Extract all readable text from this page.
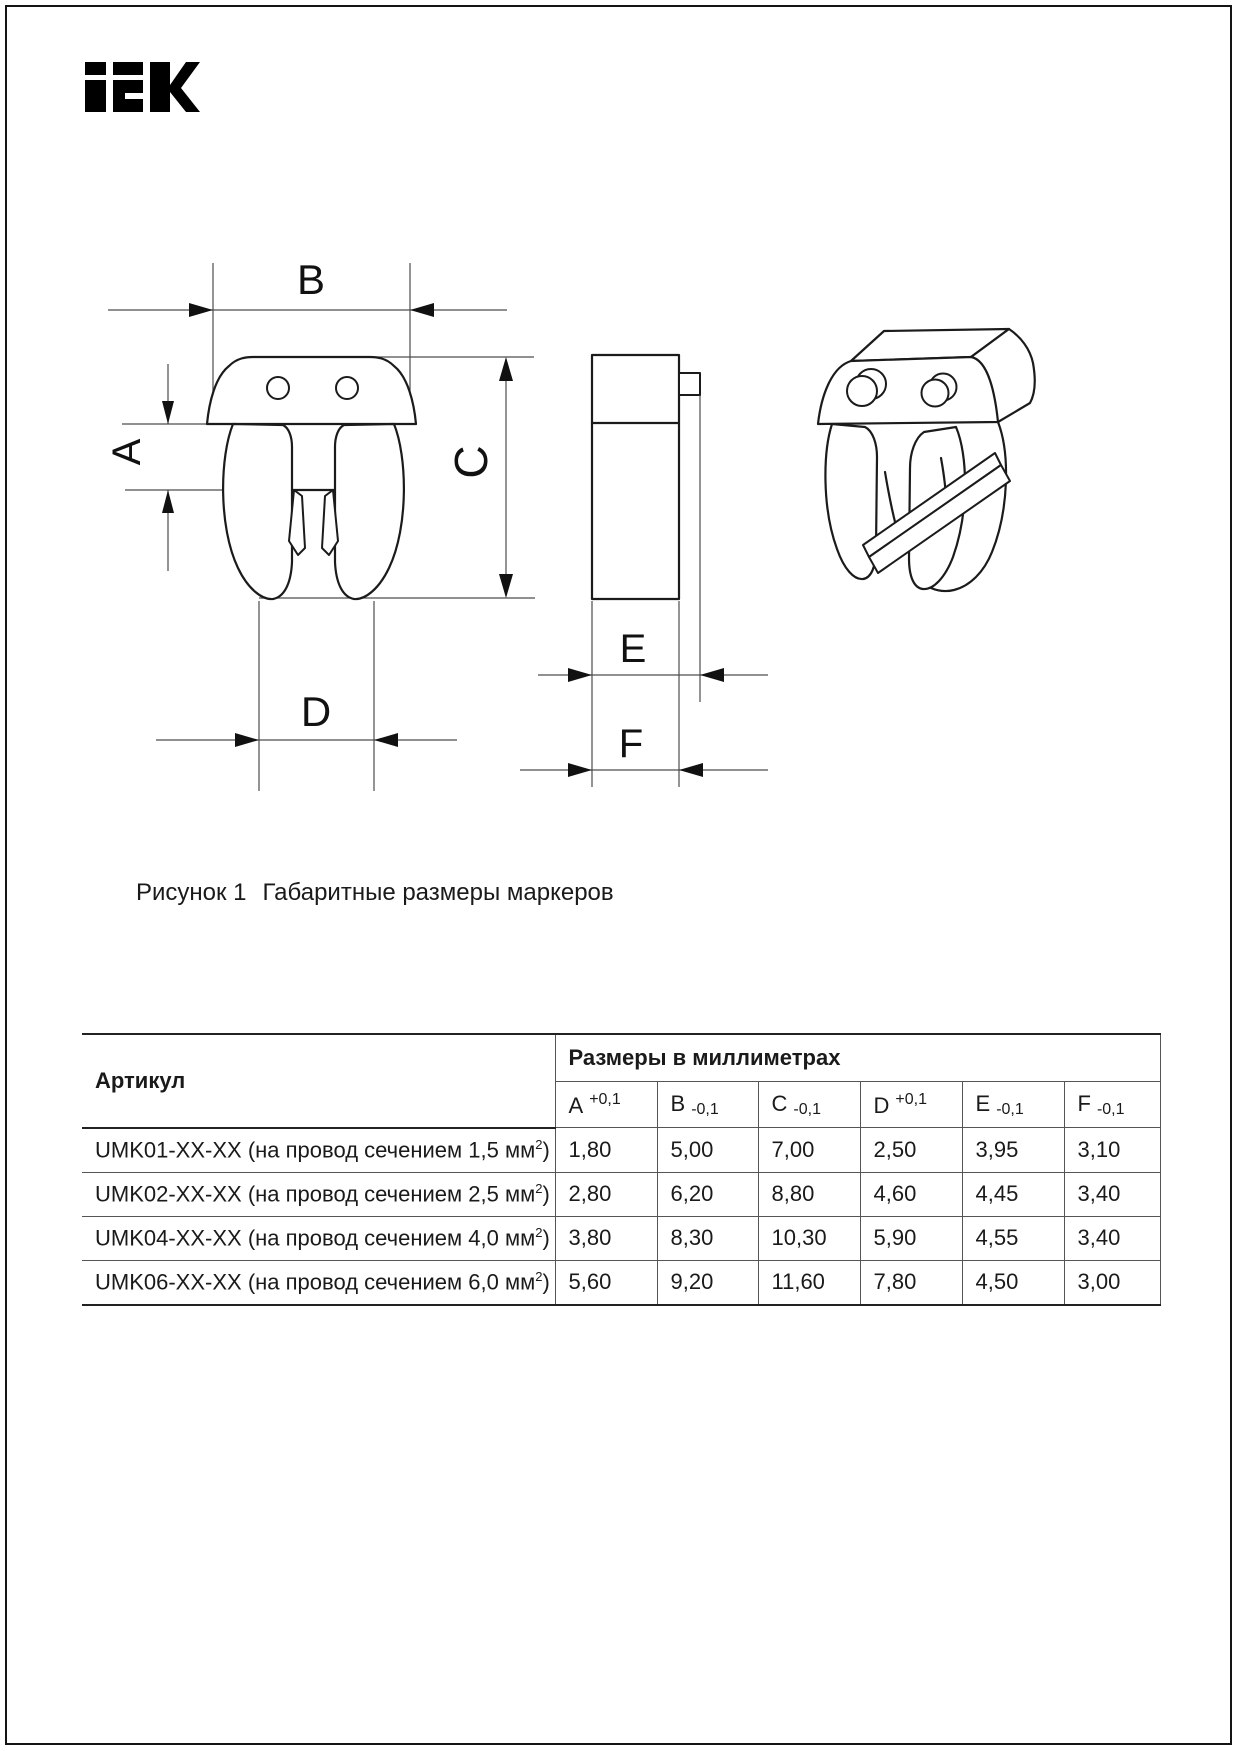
A
B
C
D
E
F
Рисунок 1 Габаритные размеры маркеров
Артикул	Размеры в миллиметрах					
	A $^{+0,1}$	B -0,1	C -0,1	D $^{+0,1}$	E -0,1	F -0,1
UMK01-XX-XX (на провод сечением 1,5 $мм^2$)	1,80	5,00	7,00	2,50	3,95	3,10
UMK02-XX-XX (на провод сечением 2,5 $мм^2$)	2,80	6,20	8,80	4,60	4,45	3,40
UMK04-XX-XX (на провод сечением 4,0 $мм^2$)	3,80	8,30	10,30	5,90	4,55	3,40
UMK06-XX-XX (на провод сечением 6,0 $мм^2$)	5,60	9,20	11,60	7,80	4,50	3,00
